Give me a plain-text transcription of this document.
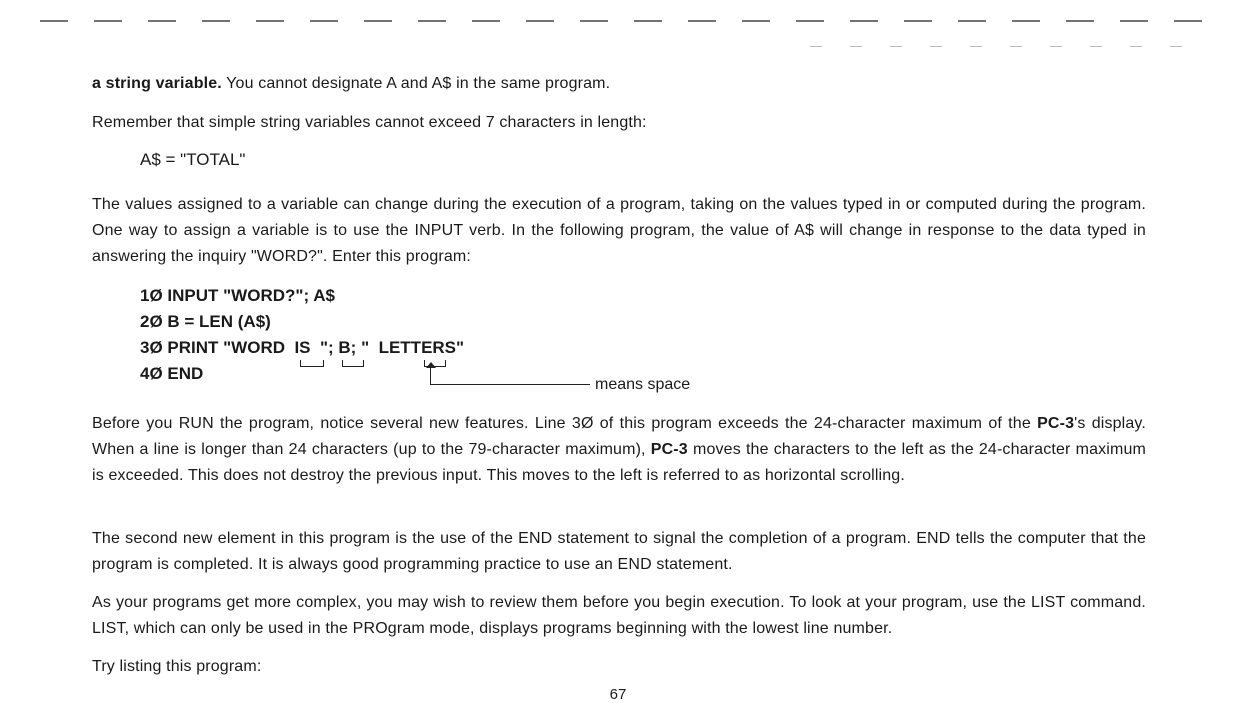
a string variable. You cannot designate A and A$ in the same program.

Remember that simple string variables cannot exceed 7 characters in length:

A$ = "TOTAL"

The values assigned to a variable can change during the execution of a program, taking on the values typed in or computed during the program. One way to assign a variable is to use the INPUT verb. In the following program, the value of A$ will change in response to the data typed in answering the inquiry "WORD?". Enter this program:

1Ø INPUT "WORD?"; A$
2Ø B = LEN (A$)
3Ø PRINT "WORD  IS  "; B; "  LETTERS"
4Ø END
means space

Before you RUN the program, notice several new features. Line 3Ø of this program exceeds the 24-character maximum of the PC-3's display. When a line is longer than 24 characters (up to the 79-character maximum), PC-3 moves the characters to the left as the 24-character maximum is exceeded. This does not destroy the previous input. This moves to the left is referred to as horizontal scrolling.

The second new element in this program is the use of the END statement to signal the completion of a program. END tells the computer that the program is completed. It is always good programming practice to use an END statement.

As your programs get more complex, you may wish to review them before you begin execution. To look at your program, use the LIST command. LIST, which can only be used in the PROgram mode, displays programs beginning with the lowest line number.

Try listing this program:

67
